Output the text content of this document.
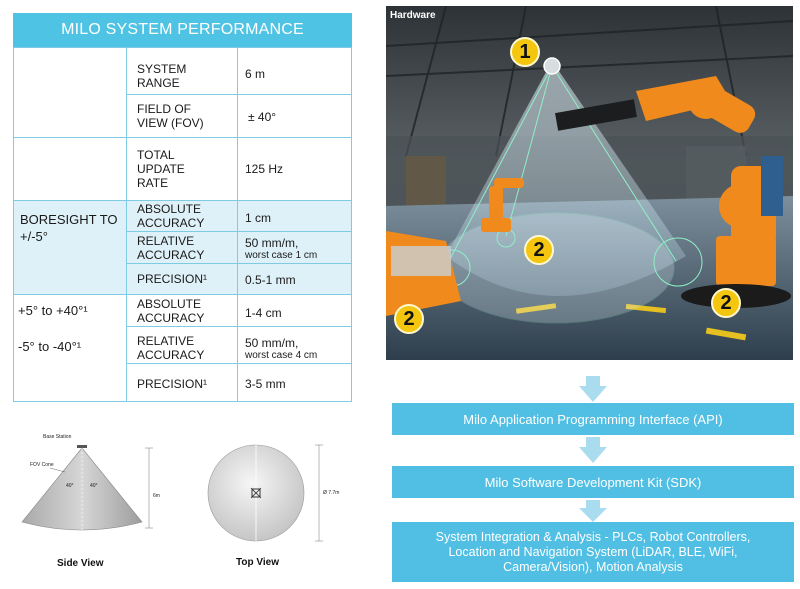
MILO SYSTEM PERFORMANCE
BORESIGHT TO
+/-5°
+5° to +40°¹
-5° to -40°¹
SYSTEM
RANGE
FIELD OF
VIEW (FOV)
TOTAL
UPDATE
RATE
ABSOLUTE
ACCURACY
RELATIVE
ACCURACY
PRECISION¹
ABSOLUTE
ACCURACY
RELATIVE
ACCURACY
PRECISION¹
6 m
± 40°
125 Hz
1 cm
50 mm/m,
worst case 1 cm
0.5-1 mm
1-4 cm
50 mm/m,
worst case 4 cm
3-5 mm
Base Station
FOV Cone
40°	40°
6m
Side View
Ø 7.7m
Top View
Hardware
1
2
2
2
Milo Application Programming Interface (API)
Milo Software Development Kit (SDK)
System Integration & Analysis - PLCs, Robot Controllers,
Location and Navigation System (LiDAR, BLE, WiFi,
Camera/Vision), Motion Analysis
